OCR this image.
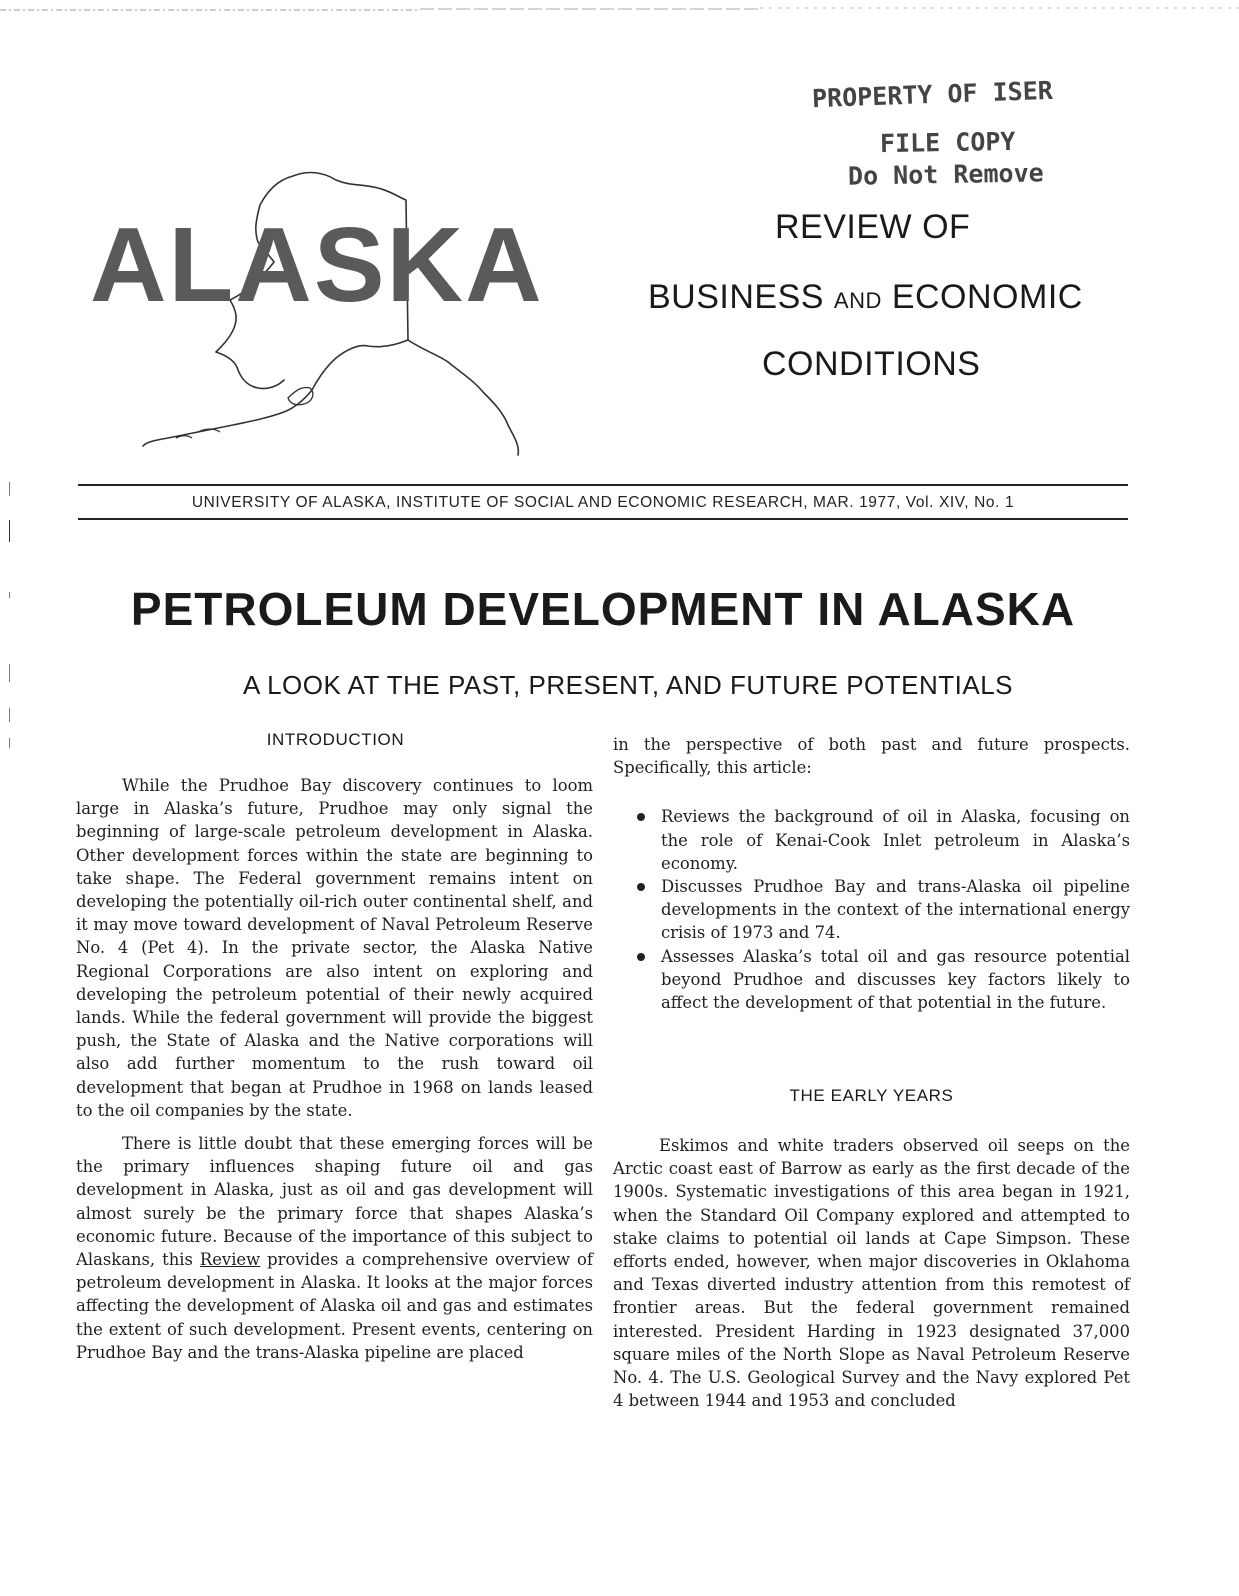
PROPERTY OF ISER
FILE COPY
Do Not Remove
ALASKA	REVIEW OF
BUSINESS AND ECONOMIC
CONDITIONS
UNIVERSITY OF ALASKA, INSTITUTE OF SOCIAL AND ECONOMIC RESEARCH, MAR. 1977, Vol. XIV, No. 1
PETROLEUM DEVELOPMENT IN ALASKA
A LOOK AT THE PAST, PRESENT, AND FUTURE POTENTIALS
INTRODUCTION

While the Prudhoe Bay discovery continues to loom large in Alaska’s future, Prudhoe may only signal the beginning of large-scale petroleum development in Alaska. Other development forces within the state are beginning to take shape. The Federal government remains intent on developing the potentially oil-rich outer continental shelf, and it may move toward development of Naval Petroleum Reserve No. 4 (Pet 4). In the private sector, the Alaska Native Regional Corporations are also intent on exploring and developing the petroleum potential of their newly acquired lands. While the federal government will provide the biggest push, the State of Alaska and the Native corporations will also add further momentum to the rush toward oil development that began at Prudhoe in 1968 on lands leased to the oil companies by the state.

There is little doubt that these emerging forces will be the primary influences shaping future oil and gas development in Alaska, just as oil and gas development will almost surely be the primary force that shapes Alaska’s economic future. Because of the importance of this subject to Alaskans, this Review provides a comprehensive overview of petroleum development in Alaska. It looks at the major forces affecting the development of Alaska oil and gas and estimates the extent of such development. Present events, centering on Prudhoe Bay and the trans-Alaska pipeline are placed

in the perspective of both past and future prospects. Specifically, this article:

Reviews the background of oil in Alaska, focusing on the role of Kenai-Cook Inlet petroleum in Alaska’s economy.
Discusses Prudhoe Bay and trans-Alaska oil pipeline developments in the context of the international energy crisis of 1973 and 74.
Assesses Alaska’s total oil and gas resource potential beyond Prudhoe and discusses key factors likely to affect the development of that potential in the future.
THE EARLY YEARS

Eskimos and white traders observed oil seeps on the Arctic coast east of Barrow as early as the first decade of the 1900s. Systematic investigations of this area began in 1921, when the Standard Oil Company explored and attempted to stake claims to potential oil lands at Cape Simpson. These efforts ended, however, when major discoveries in Oklahoma and Texas diverted industry attention from this remotest of frontier areas. But the federal government remained interested. President Harding in 1923 designated 37,000 square miles of the North Slope as Naval Petroleum Reserve No. 4. The U.S. Geological Survey and the Navy explored Pet 4 between 1944 and 1953 and concluded
